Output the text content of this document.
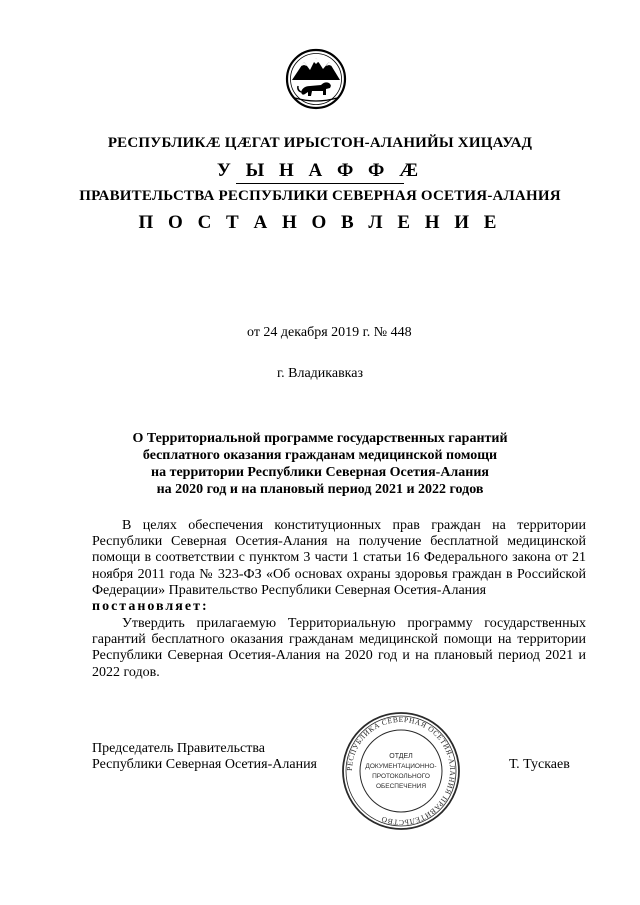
РЕСПУБЛИКӔ ЦӔГАТ ИРЫСТОН-АЛАНИЙЫ ХИЦАУАД
У Ы Н А Ф Ф Ӕ
ПРАВИТЕЛЬСТВА РЕСПУБЛИКИ СЕВЕРНАЯ ОСЕТИЯ-АЛАНИЯ
П О С Т А Н О В Л Е Н И Е
от 24 декабря 2019 г. № 448
г. Владикавказ
О Территориальной программе государственных гарантий
бесплатного оказания гражданам медицинской помощи
на территории Республики Северная Осетия-Алания
на 2020 год и на плановый период 2021 и 2022 годов
В целях обеспечения конституционных прав граждан на территории Республики Северная Осетия-Алания на получение бесплатной медицинской помощи в соответствии с пунктом 3 части 1 статьи 16 Федерального закона от 21 ноября 2011 года № 323-ФЗ «Об основах охраны здоровья граждан в Российской Федерации» Правительство Республики Северная Осетия-Алания
постановляет:
Утвердить прилагаемую Территориальную программу государственных гарантий бесплатного оказания гражданам медицинской помощи на территории Республики Северная Осетия-Алания на 2020 год и на плановый период 2021 и 2022 годов.
Председатель Правительства
Республики Северная Осетия-Алания	Т. Тускаев
РЕСПУБЛИКА СЕВЕРНАЯ ОСЕТИЯ-АЛАНИЯ ПРАВИТЕЛЬСТВО
ОТДЕЛ
ДОКУМЕНТАЦИОННО-
ПРОТОКОЛЬНОГО
ОБЕСПЕЧЕНИЯ
